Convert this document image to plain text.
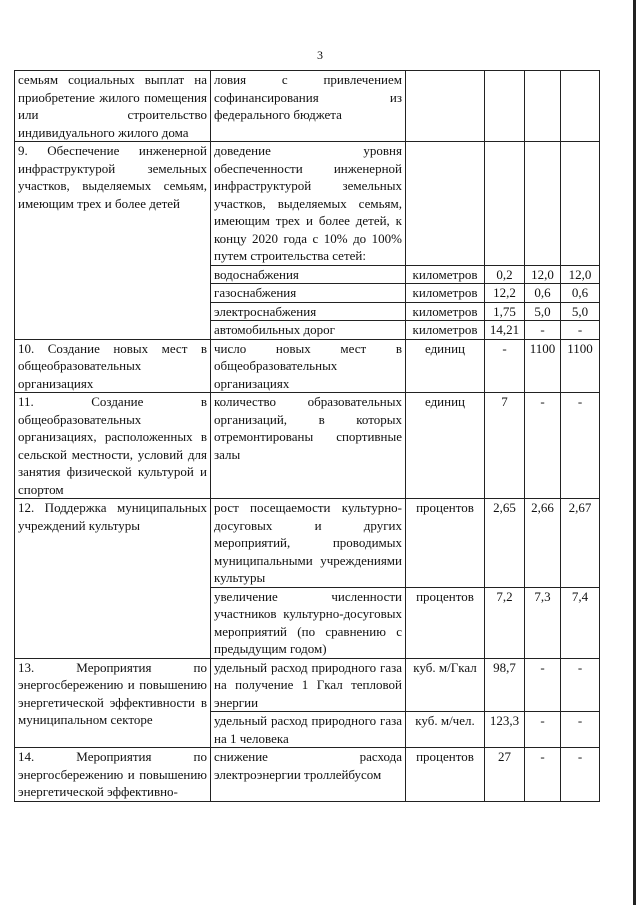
3
семьям социальных выплат на приобретение жилого помещения или строительство индивидуального жилого дома	ловия с привлечением софинансирования из федерального бюджета				
9. Обеспечение инженерной инфраструктурой земельных участков, выделяемых семьям, имеющим трех и более детей	доведение уровня обеспеченности инженерной инфраструктурой земельных участков, выделяемых семьям, имеющим трех и более детей, к концу 2020 года с 10% до 100% путем строительства сетей:				
	водоснабжения	километров	0,2	12,0	12,0
	газоснабжения	километров	12,2	0,6	0,6
	электроснабжения	километров	1,75	5,0	5,0
	автомобильных дорог	километров	14,21	-	-
10. Создание новых мест в общеобразовательных организациях	число новых мест в общеобразовательных организациях	единиц	-	1100	1100
11. Создание в общеобразовательных организациях, расположенных в сельской местности, условий для занятия физической культурой и спортом	количество образовательных организаций, в которых отремонтированы спортивные залы	единиц	7	-	-
12. Поддержка муниципальных учреждений культуры	рост посещаемости культурно-досуговых и других мероприятий, проводимых муниципальными учреждениями культуры	процентов	2,65	2,66	2,67
	увеличение численности участников культурно-досуговых мероприятий (по сравнению с предыдущим годом)	процентов	7,2	7,3	7,4
13. Мероприятия по энергосбережению и повышению энергетической эффективности в муниципальном секторе	удельный расход природного газа на получение 1 Гкал тепловой энергии	куб. м/Гкал	98,7	-	-
	удельный расход природного газа на 1 человека	куб. м/чел.	123,3	-	-
14. Мероприятия по энергосбережению и повышению энергетической эффективно-	снижение расхода электроэнергии троллейбусом	процентов	27	-	-
